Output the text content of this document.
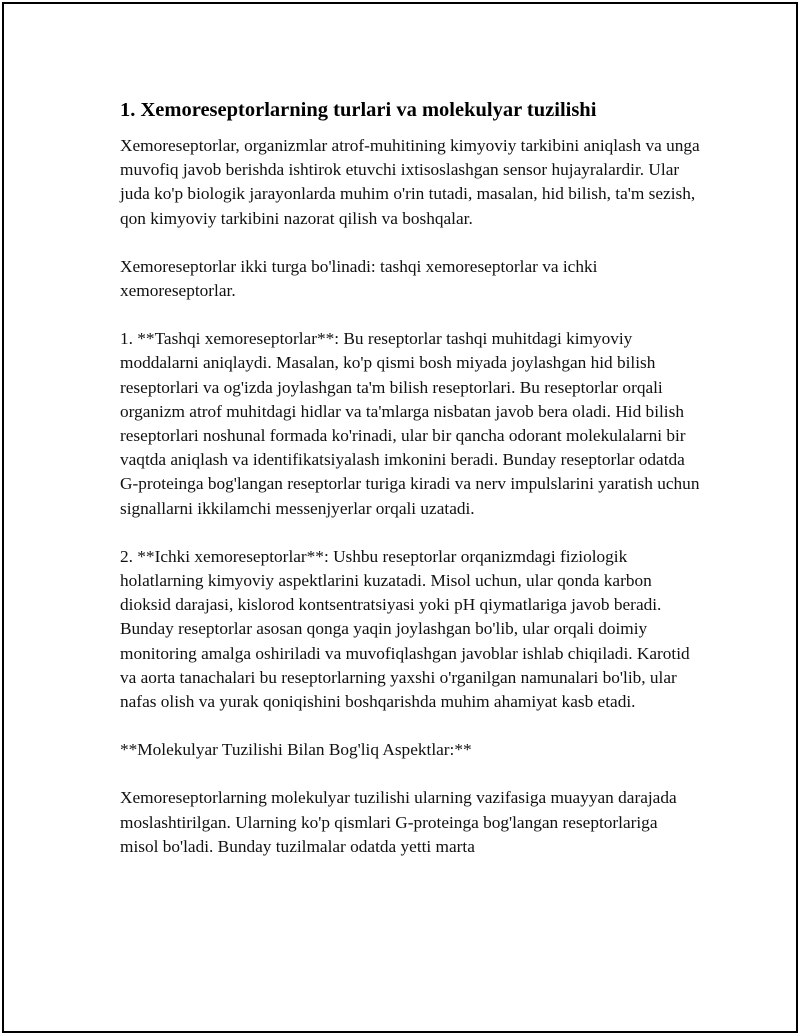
1. Xemoreseptorlarning turlari va molekulyar tuzilishi

Xemoreseptorlar, organizmlar atrof-muhitining kimyoviy tarkibini aniqlash va unga muvofiq javob berishda ishtirok etuvchi ixtisoslashgan sensor hujayralardir. Ular juda ko'p biologik jarayonlarda muhim o'rin tutadi, masalan, hid bilish, ta'm sezish, qon kimyoviy tarkibini nazorat qilish va boshqalar.

Xemoreseptorlar ikki turga bo'linadi: tashqi xemoreseptorlar va ichki xemoreseptorlar.

1. **Tashqi xemoreseptorlar**: Bu reseptorlar tashqi muhitdagi kimyoviy moddalarni aniqlaydi. Masalan, ko'p qismi bosh miyada joylashgan hid bilish reseptorlari va og'izda joylashgan ta'm bilish reseptorlari. Bu reseptorlar orqali organizm atrof muhitdagi hidlar va ta'mlarga nisbatan javob bera oladi. Hid bilish reseptorlari noshunal formada ko'rinadi, ular bir qancha odorant molekulalarni bir vaqtda aniqlash va identifikatsiyalash imkonini beradi. Bunday reseptorlar odatda G-proteinga bog'langan reseptorlar turiga kiradi va nerv impulslarini yaratish uchun signallarni ikkilamchi messenjyerlar orqali uzatadi.

2. **Ichki xemoreseptorlar**: Ushbu reseptorlar orqanizmdagi fiziologik holatlarning kimyoviy aspektlarini kuzatadi. Misol uchun, ular qonda karbon dioksid darajasi, kislorod kontsentratsiyasi yoki pH qiymatlariga javob beradi. Bunday reseptorlar asosan qonga yaqin joylashgan bo'lib, ular orqali doimiy monitoring amalga oshiriladi va muvofiqlashgan javoblar ishlab chiqiladi. Karotid va aorta tanachalari bu reseptorlarning yaxshi o'rganilgan namunalari bo'lib, ular nafas olish va yurak qoniqishini boshqarishda muhim ahamiyat kasb etadi.

**Molekulyar Tuzilishi Bilan Bog'liq Aspektlar:**

Xemoreseptorlarning molekulyar tuzilishi ularning vazifasiga muayyan darajada moslashtirilgan. Ularning ko'p qismlari G-proteinga bog'langan reseptorlariga misol bo'ladi. Bunday tuzilmalar odatda yetti marta
